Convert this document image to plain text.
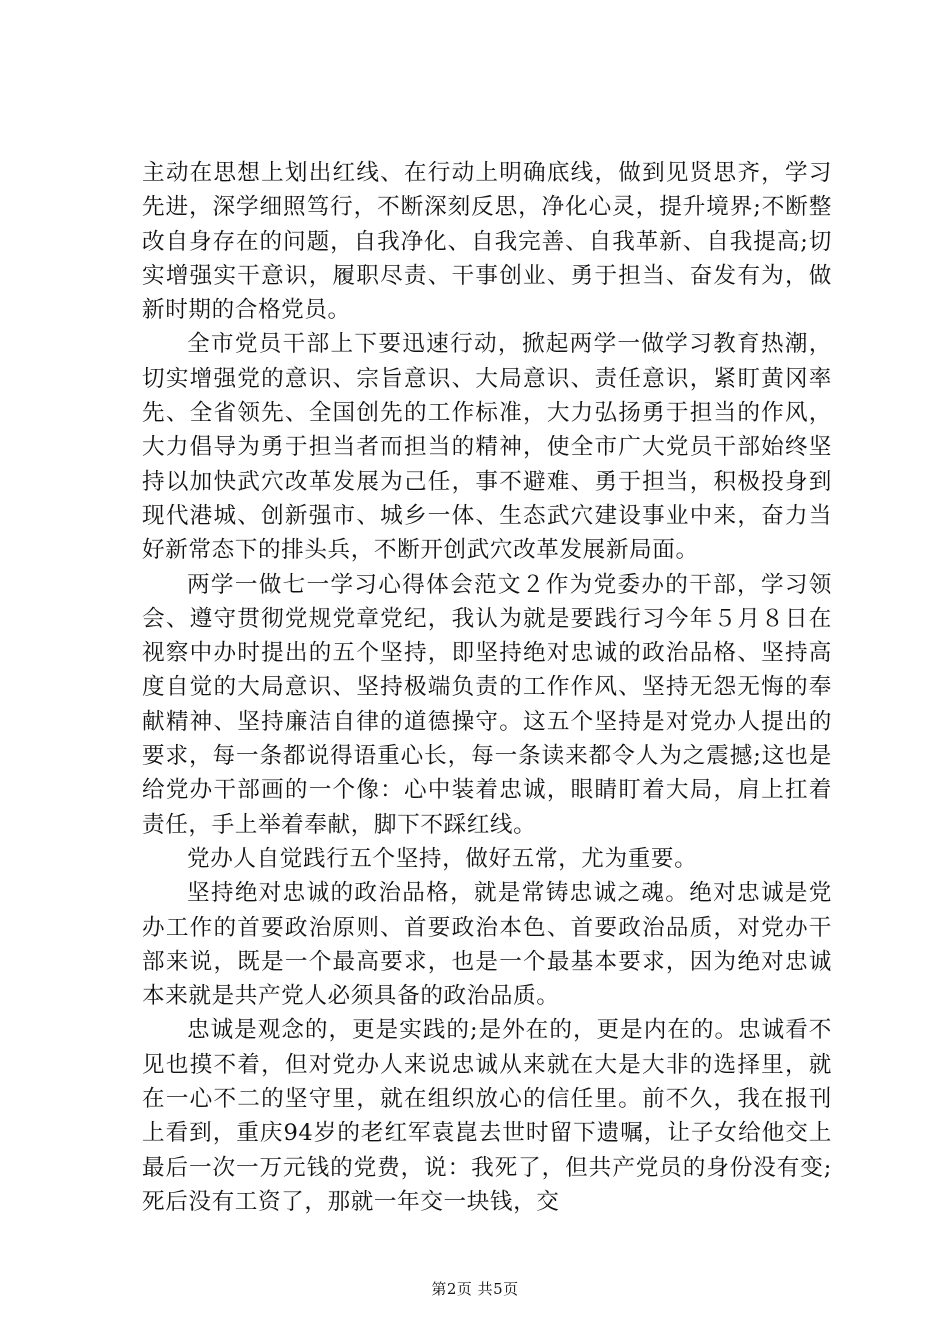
主动在思想上划出红线、在行动上明确底线，做到见贤思齐，学习先进，深学细照笃行，不断深刻反思，净化心灵，提升境界;不断整改自身存在的问题，自我净化、自我完善、自我革新、自我提高;切实增强实干意识，履职尽责、干事创业、勇于担当、奋发有为，做新时期的合格党员。

全市党员干部上下要迅速行动，掀起两学一做学习教育热潮，切实增强党的意识、宗旨意识、大局意识、责任意识，紧盯黄冈率先、全省领先、全国创先的工作标准，大力弘扬勇于担当的作风，大力倡导为勇于担当者而担当的精神，使全市广大党员干部始终坚持以加快武穴改革发展为己任，事不避难、勇于担当，积极投身到现代港城、创新强市、城乡一体、生态武穴建设事业中来，奋力当好新常态下的排头兵，不断开创武穴改革发展新局面。

两学一做七一学习心得体会范文２作为党委办的干部，学习领会、遵守贯彻党规党章党纪，我认为就是要践行习今年５月８日在视察中办时提出的五个坚持，即坚持绝对忠诚的政治品格、坚持高度自觉的大局意识、坚持极端负责的工作作风、坚持无怨无悔的奉献精神、坚持廉洁自律的道德操守。这五个坚持是对党办人提出的要求，每一条都说得语重心长，每一条读来都令人为之震撼;这也是给党办干部画的一个像：心中装着忠诚，眼睛盯着大局，肩上扛着责任，手上举着奉献，脚下不踩红线。

党办人自觉践行五个坚持，做好五常，尤为重要。

坚持绝对忠诚的政治品格，就是常铸忠诚之魂。绝对忠诚是党办工作的首要政治原则、首要政治本色、首要政治品质，对党办干部来说，既是一个最高要求，也是一个最基本要求，因为绝对忠诚本来就是共产党人必须具备的政治品质。

忠诚是观念的，更是实践的;是外在的，更是内在的。忠诚看不见也摸不着，但对党办人来说忠诚从来就在大是大非的选择里，就在一心不二的坚守里，就在组织放心的信任里。前不久，我在报刊上看到，重庆94岁的老红军袁崑去世时留下遗嘱，让子女给他交上最后一次一万元钱的党费，说：我死了，但共产党员的身份没有变;死后没有工资了，那就一年交一块钱，交

第2页 共5页
